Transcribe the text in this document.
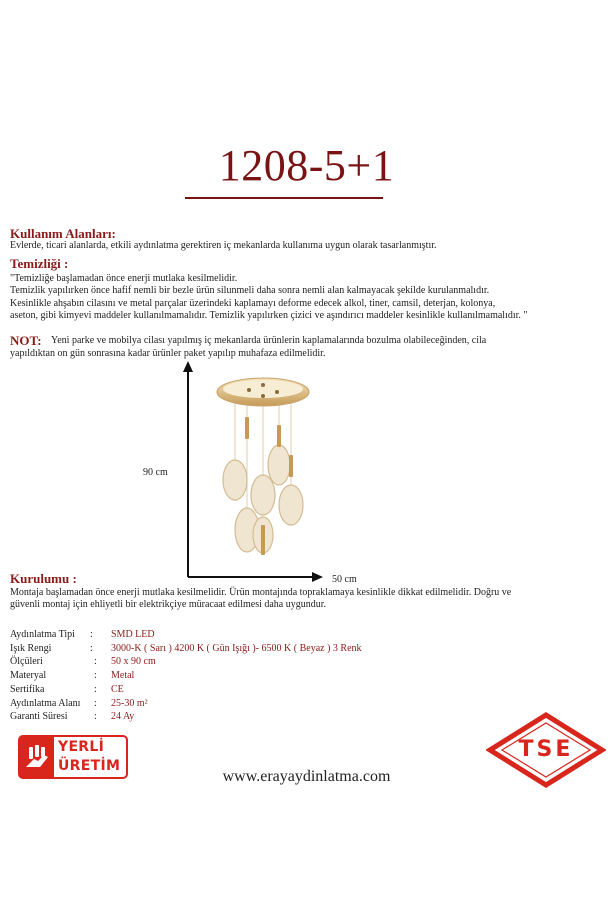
1208-5+1
Kullanım Alanları:
Evlerde, ticari alanlarda, etkili aydınlatma gerektiren iç mekanlarda kullanıma uygun olarak tasarlanmıştır.
Temizliği :
"Temizliğe başlamadan önce enerji mutlaka kesilmelidir.
Temizlik yapılırken önce hafif nemli bir bezle ürün silunmeli daha sonra nemli alan kalmayacak şekilde kurulanmalıdır.
Kesinlikle ahşabın cilasını ve metal parçalar üzerindeki kaplamayı deforme edecek alkol, tiner, camsil, deterjan, kolonya,
aseton, gibi kimyevi maddeler kullanılmamalıdır. Temizlik yapılırken çizici ve aşındırıcı maddeler kesinlikle kullanılmamalıdır. "
NOT: Yeni parke ve mobilya cilası yapılmış iç mekanlarda ürünlerin kaplamalarında bozulma olabileceğinden, cila
yapıldıktan on gün sonrasına kadar ürünler paket yapılıp muhafaza edilmelidir.
90 cm
50 cm
Kurulumu :
Montaja başlamadan önce enerji mutlaka kesilmelidir. Ürün montajında topraklamaya kesinlikle dikkat edilmelidir. Doğru ve
güvenli montaj için ehliyetli bir elektrikçiye müracaat edilmesi daha uygundur.
Aydınlatma Tipi : SMD LED
Işık Rengi	: 3000-K ( Sarı ) 4200 K ( Gün Işığı )- 6500 K ( Beyaz ) 3 Renk
Ölçüleri	: 50 x 90 cm
Materyal	: Metal
Sertifika	: CE
Aydınlatma Alanı : 25-30 m²
Garanti Süresi	: 24 Ay
YERLİ
ÜRETİM
www.erayaydinlatma.com
TSE
